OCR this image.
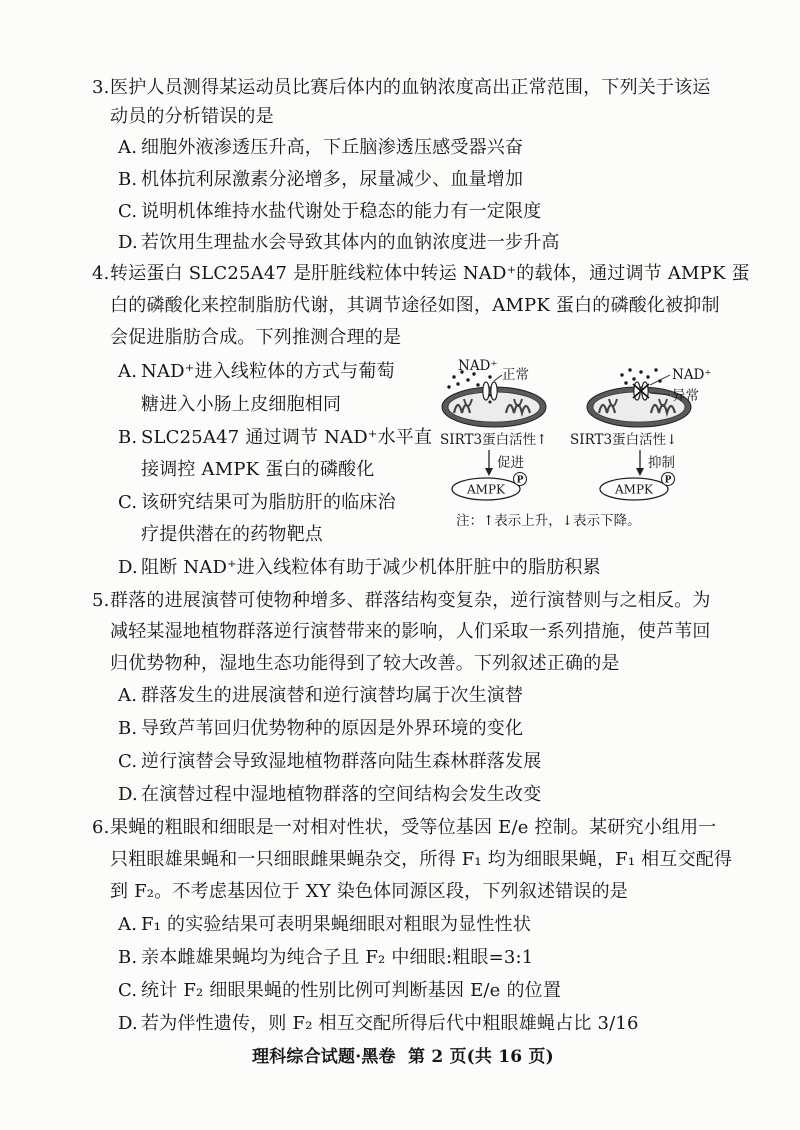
3. 医护人员测得某运动员比赛后体内的血钠浓度高出正常范围，下列关于该运
动员的分析错误的是
A. 细胞外液渗透压升高，下丘脑渗透压感受器兴奋
B. 机体抗利尿激素分泌增多，尿量减少、血量增加
C. 说明机体维持水盐代谢处于稳态的能力有一定限度
D. 若饮用生理盐水会导致其体内的血钠浓度进一步升高
4. 转运蛋白 SLC25A47 是肝脏线粒体中转运 NAD⁺的载体，通过调节 AMPK 蛋
白的磷酸化来控制脂肪代谢，其调节途径如图，AMPK 蛋白的磷酸化被抑制
会促进脂肪合成。下列推测合理的是
A. NAD⁺进入线粒体的方式与葡萄
糖进入小肠上皮细胞相同
B. SLC25A47 通过调节 NAD⁺水平直
接调控 AMPK 蛋白的磷酸化
C. 该研究结果可为脂肪肝的临床治
疗提供潜在的药物靶点
D. 阻断 NAD⁺进入线粒体有助于减少机体肝脏中的脂肪积累
NAD⁺
正常	NAD⁺
异常
SIRT3蛋白活性↑
促进
AMPK
P
SIRT3蛋白活性↓
抑制
AMPK
P
注：↑表示上升，↓表示下降。
5. 群落的进展演替可使物种增多、群落结构变复杂，逆行演替则与之相反。为
减轻某湿地植物群落逆行演替带来的影响，人们采取一系列措施，使芦苇回
归优势物种，湿地生态功能得到了较大改善。下列叙述正确的是
A. 群落发生的进展演替和逆行演替均属于次生演替
B. 导致芦苇回归优势物种的原因是外界环境的变化
C. 逆行演替会导致湿地植物群落向陆生森林群落发展
D. 在演替过程中湿地植物群落的空间结构会发生改变
6. 果蝇的粗眼和细眼是一对相对性状，受等位基因 E/e 控制。某研究小组用一
只粗眼雄果蝇和一只细眼雌果蝇杂交，所得 F₁ 均为细眼果蝇，F₁ 相互交配得
到 F₂。不考虑基因位于 XY 染色体同源区段，下列叙述错误的是
A. F₁ 的实验结果可表明果蝇细眼对粗眼为显性性状
B. 亲本雌雄果蝇均为纯合子且 F₂ 中细眼:粗眼=3:1
C. 统计 F₂ 细眼果蝇的性别比例可判断基因 E/e 的位置
D. 若为伴性遗传，则 F₂ 相互交配所得后代中粗眼雄蝇占比 3/16
理科综合试题·黑卷 第 2 页(共 16 页)
